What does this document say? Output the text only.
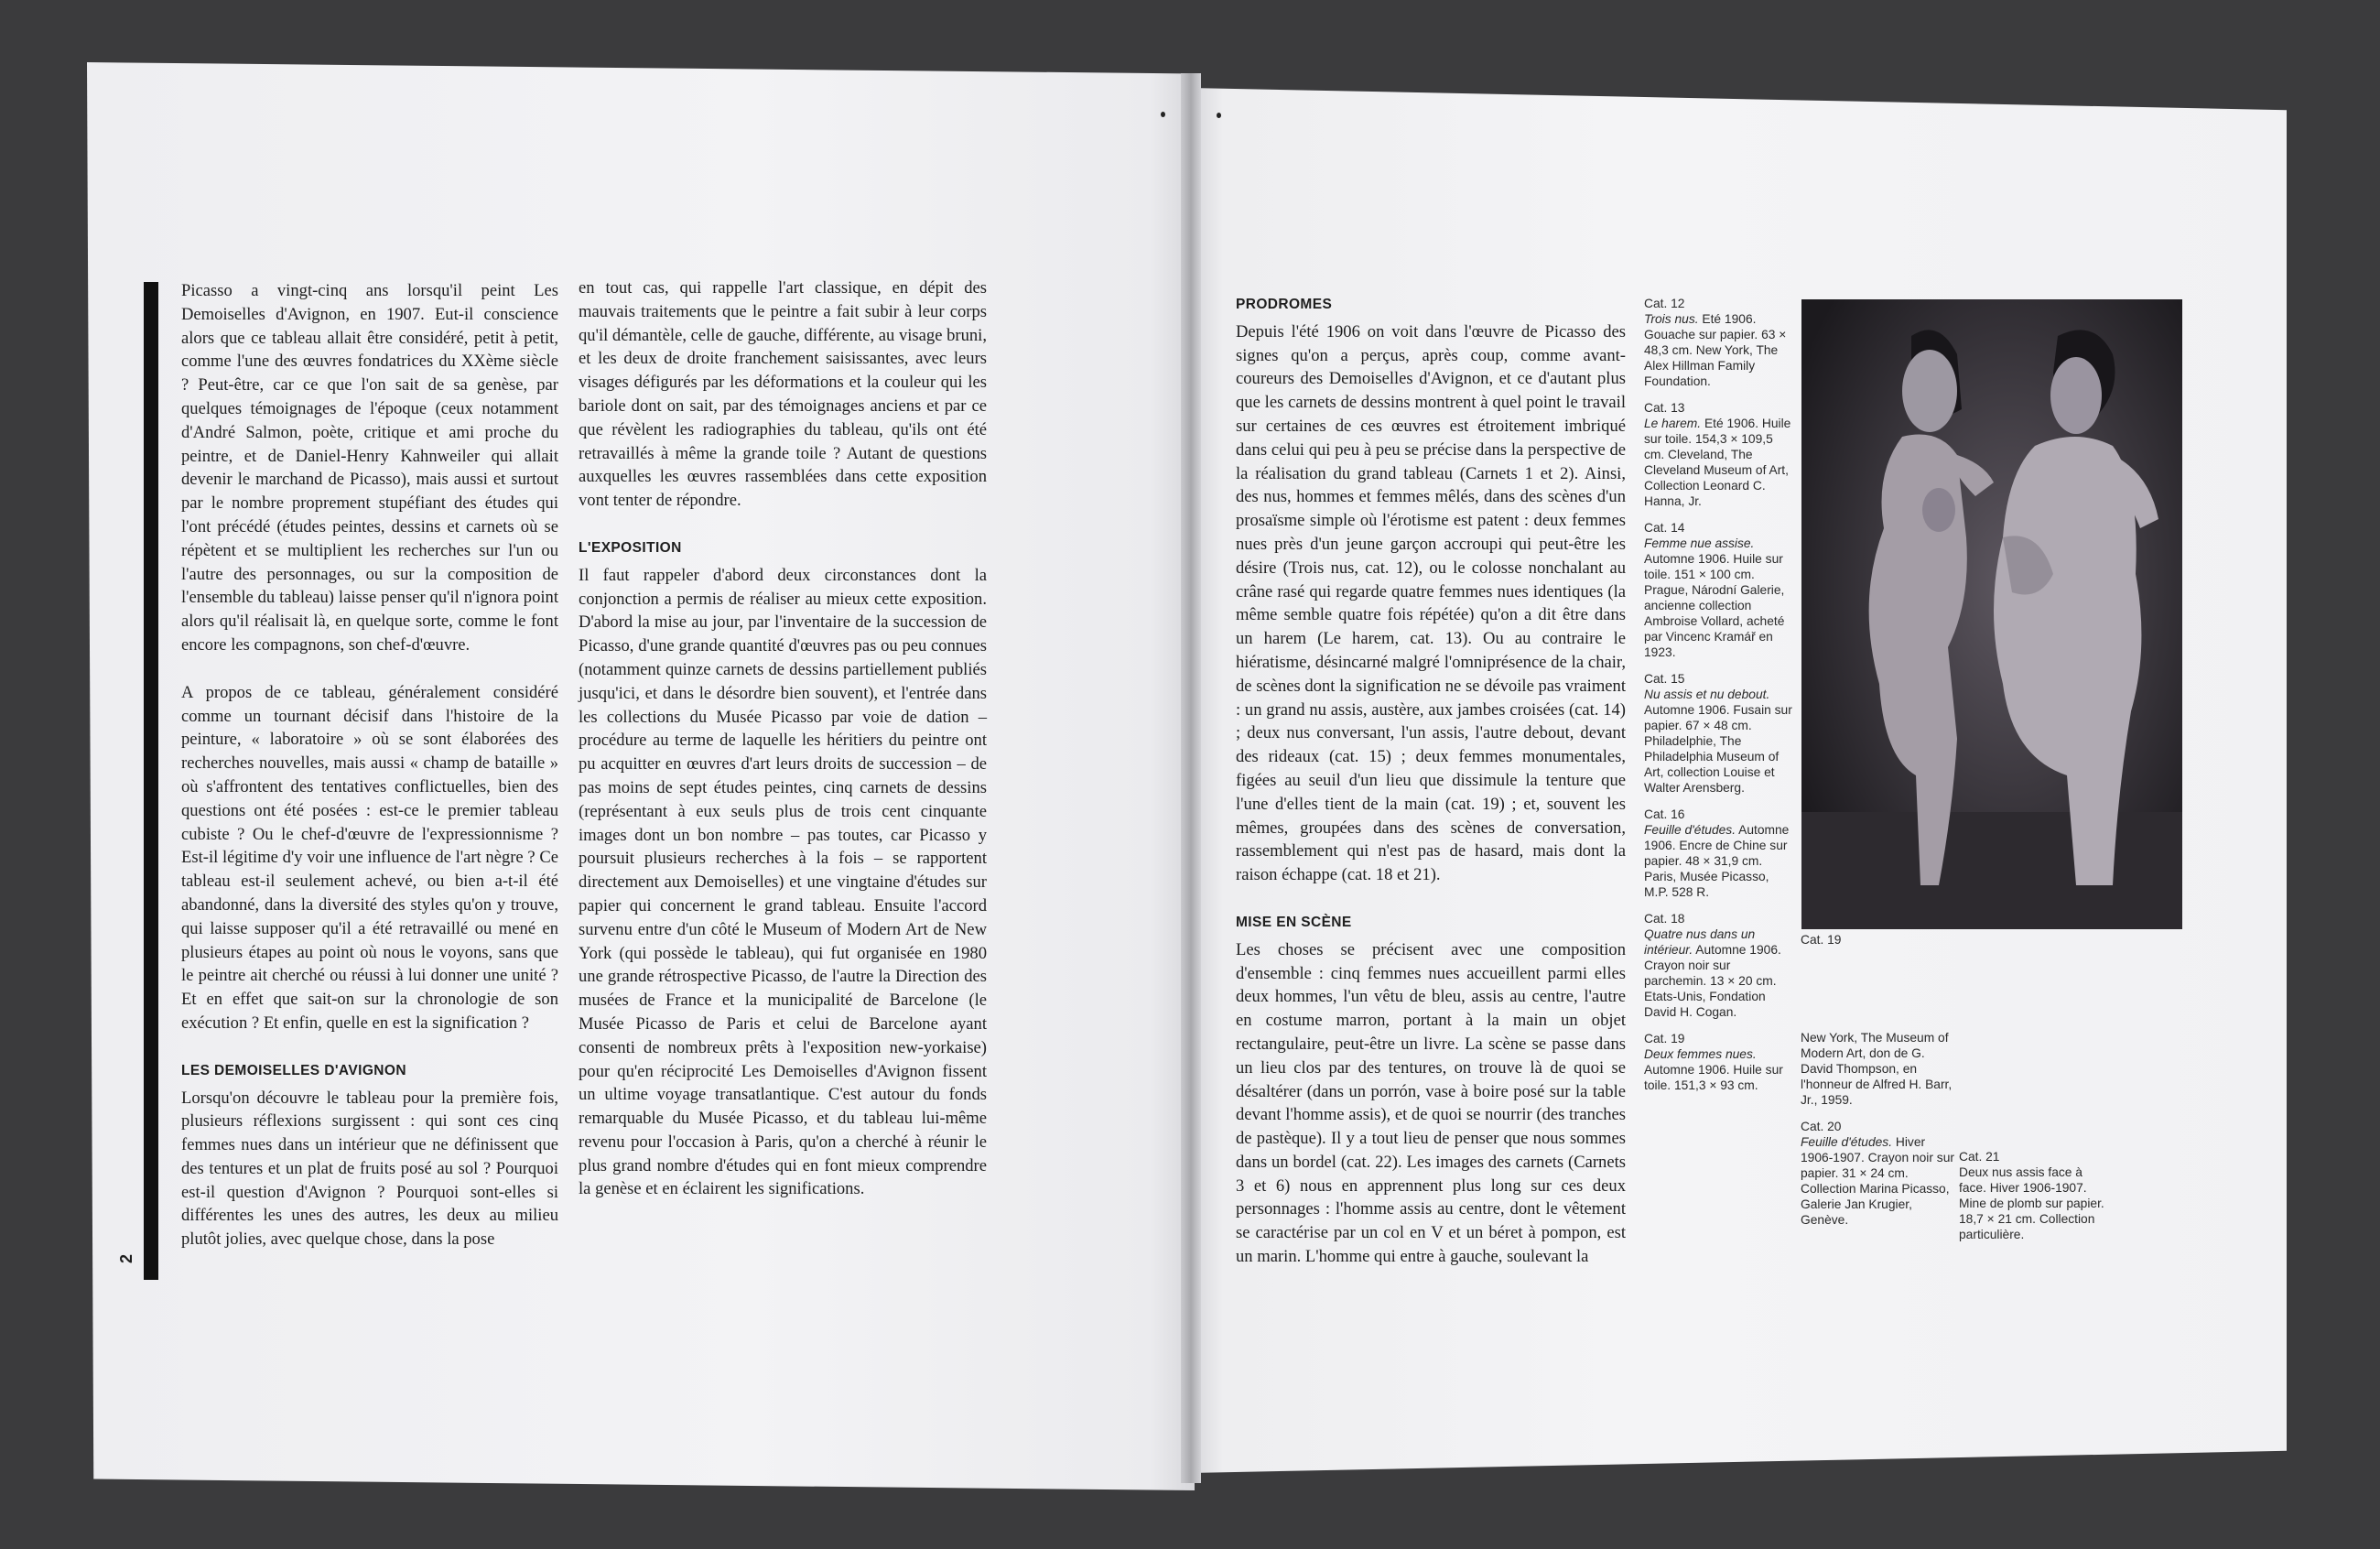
2

Picasso a vingt-cinq ans lorsqu'il peint Les Demoiselles d'Avignon, en 1907. Eut-il conscience alors que ce tableau allait être considéré, petit à petit, comme l'une des œuvres fondatrices du XXème siècle ? Peut-être, car ce que l'on sait de sa genèse, par quelques témoignages de l'époque (ceux notamment d'André Salmon, poète, critique et ami proche du peintre, et de Daniel-Henry Kahnweiler qui allait devenir le marchand de Picasso), mais aussi et surtout par le nombre proprement stupéfiant des études qui l'ont précédé (études peintes, dessins et carnets où se répètent et se multiplient les recherches sur l'un ou l'autre des personnages, ou sur la composition de l'ensemble du tableau) laisse penser qu'il n'ignora point alors qu'il réalisait là, en quelque sorte, comme le font encore les compagnons, son chef-d'œuvre.

A propos de ce tableau, généralement considéré comme un tournant décisif dans l'histoire de la peinture, « laboratoire » où se sont élaborées des recherches nouvelles, mais aussi « champ de bataille » où s'affrontent des tentatives conflictuelles, bien des questions ont été posées : est-ce le premier tableau cubiste ? Ou le chef-d'œuvre de l'expressionnisme ? Est-il légitime d'y voir une influence de l'art nègre ? Ce tableau est-il seulement achevé, ou bien a-t-il été abandonné, dans la diversité des styles qu'on y trouve, qui laisse supposer qu'il a été retravaillé ou mené en plusieurs étapes au point où nous le voyons, sans que le peintre ait cherché ou réussi à lui donner une unité ? Et en effet que sait-on sur la chronologie de son exécution ? Et enfin, quelle en est la signification ?

LES DEMOISELLES D'AVIGNON

Lorsqu'on découvre le tableau pour la première fois, plusieurs réflexions surgissent : qui sont ces cinq femmes nues dans un intérieur que ne définissent que des tentures et un plat de fruits posé au sol ? Pourquoi est-il question d'Avignon ? Pourquoi sont-elles si différentes les unes des autres, les deux au milieu plutôt jolies, avec quelque chose, dans la pose

en tout cas, qui rappelle l'art classique, en dépit des mauvais traitements que le peintre a fait subir à leur corps qu'il démantèle, celle de gauche, différente, au visage bruni, et les deux de droite franchement saisissantes, avec leurs visages défigurés par les déformations et la couleur qui les bariole dont on sait, par des témoignages anciens et par ce que révèlent les radiographies du tableau, qu'ils ont été retravaillés à même la grande toile ? Autant de questions auxquelles les œuvres rassemblées dans cette exposition vont tenter de répondre.

L'EXPOSITION

Il faut rappeler d'abord deux circonstances dont la conjonction a permis de réaliser au mieux cette exposition. D'abord la mise au jour, par l'inventaire de la succession de Picasso, d'une grande quantité d'œuvres pas ou peu connues (notamment quinze carnets de dessins partiellement publiés jusqu'ici, et dans le désordre bien souvent), et l'entrée dans les collections du Musée Picasso par voie de dation – procédure au terme de laquelle les héritiers du peintre ont pu acquitter en œuvres d'art leurs droits de succession – de pas moins de sept études peintes, cinq carnets de dessins (représentant à eux seuls plus de trois cent cinquante images dont un bon nombre – pas toutes, car Picasso y poursuit plusieurs recherches à la fois – se rapportent directement aux Demoiselles) et une vingtaine d'études sur papier qui concernent le grand tableau. Ensuite l'accord survenu entre d'un côté le Museum of Modern Art de New York (qui possède le tableau), qui fut organisée en 1980 une grande rétrospective Picasso, de l'autre la Direction des musées de France et la municipalité de Barcelone (le Musée Picasso de Paris et celui de Barcelone ayant consenti de nombreux prêts à l'exposition new-yorkaise) pour qu'en réciprocité Les Demoiselles d'Avignon fissent un ultime voyage transatlantique. C'est autour du fonds remarquable du Musée Picasso, et du tableau lui-même revenu pour l'occasion à Paris, qu'on a cherché à réunir le plus grand nombre d'études qui en font mieux comprendre la genèse et en éclairent les significations.

PRODROMES

Depuis l'été 1906 on voit dans l'œuvre de Picasso des signes qu'on a perçus, après coup, comme avant-coureurs des Demoiselles d'Avignon, et ce d'autant plus que les carnets de dessins montrent à quel point le travail sur certaines de ces œuvres est étroitement imbriqué dans celui qui peu à peu se précise dans la perspective de la réalisation du grand tableau (Carnets 1 et 2). Ainsi, des nus, hommes et femmes mêlés, dans des scènes d'un prosaïsme simple où l'érotisme est patent : deux femmes nues près d'un jeune garçon accroupi qui peut-être les désire (Trois nus, cat. 12), ou le colosse nonchalant au crâne rasé qui regarde quatre femmes nues identiques (la même semble quatre fois répétée) qu'on a dit être dans un harem (Le harem, cat. 13). Ou au contraire le hiératisme, désincarné malgré l'omniprésence de la chair, de scènes dont la signification ne se dévoile pas vraiment : un grand nu assis, austère, aux jambes croisées (cat. 14) ; deux nus conversant, l'un assis, l'autre debout, devant des rideaux (cat. 15) ; deux femmes monumentales, figées au seuil d'un lieu que dissimule la tenture que l'une d'elles tient de la main (cat. 19) ; et, souvent les mêmes, groupées dans des scènes de conversation, rassemblement qui n'est pas de hasard, mais dont la raison échappe (cat. 18 et 21).

MISE EN SCÈNE

Les choses se précisent avec une composition d'ensemble : cinq femmes nues accueillent parmi elles deux hommes, l'un vêtu de bleu, assis au centre, l'autre en costume marron, portant à la main un objet rectangulaire, peut-être un livre. La scène se passe dans un lieu clos par des tentures, on trouve là de quoi se désaltérer (dans un porrón, vase à boire posé sur la table devant l'homme assis), et de quoi se nourrir (des tranches de pastèque). Il y a tout lieu de penser que nous sommes dans un bordel (cat. 22). Les images des carnets (Carnets 3 et 6) nous en apprennent plus long sur ces deux personnages : l'homme assis au centre, dont le vêtement se caractérise par un col en V et un béret à pompon, est un marin. L'homme qui entre à gauche, soulevant la

Cat. 12
Trois nus. Eté 1906. Gouache sur papier. 63 × 48,3 cm. New York, The Alex Hillman Family Foundation.
Cat. 13
Le harem. Eté 1906. Huile sur toile. 154,3 × 109,5 cm. Cleveland, The Cleveland Museum of Art, Collection Leonard C. Hanna, Jr.
Cat. 14
Femme nue assise. Automne 1906. Huile sur toile. 151 × 100 cm. Prague, Národní Galerie, ancienne collection Ambroise Vollard, acheté par Vincenc Kramář en 1923.
Cat. 15
Nu assis et nu debout. Automne 1906. Fusain sur papier. 67 × 48 cm. Philadelphie, The Philadelphia Museum of Art, collection Louise et Walter Arensberg.
Cat. 16
Feuille d'études. Automne 1906. Encre de Chine sur papier. 48 × 31,9 cm. Paris, Musée Picasso, M.P. 528 R.
Cat. 18
Quatre nus dans un intérieur. Automne 1906. Crayon noir sur parchemin. 13 × 20 cm. Etats-Unis, Fondation David H. Cogan.
Cat. 19
Deux femmes nues. Automne 1906. Huile sur toile. 151,3 × 93 cm.
Cat. 19
New York, The Museum of Modern Art, don de G. David Thompson, en l'honneur de Alfred H. Barr, Jr., 1959.
Cat. 20
Feuille d'études. Hiver 1906-1907. Crayon noir sur papier. 31 × 24 cm. Collection Marina Picasso, Galerie Jan Krugier, Genève.
Cat. 21
Deux nus assis face à face. Hiver 1906-1907. Mine de plomb sur papier. 18,7 × 21 cm. Collection particulière.
